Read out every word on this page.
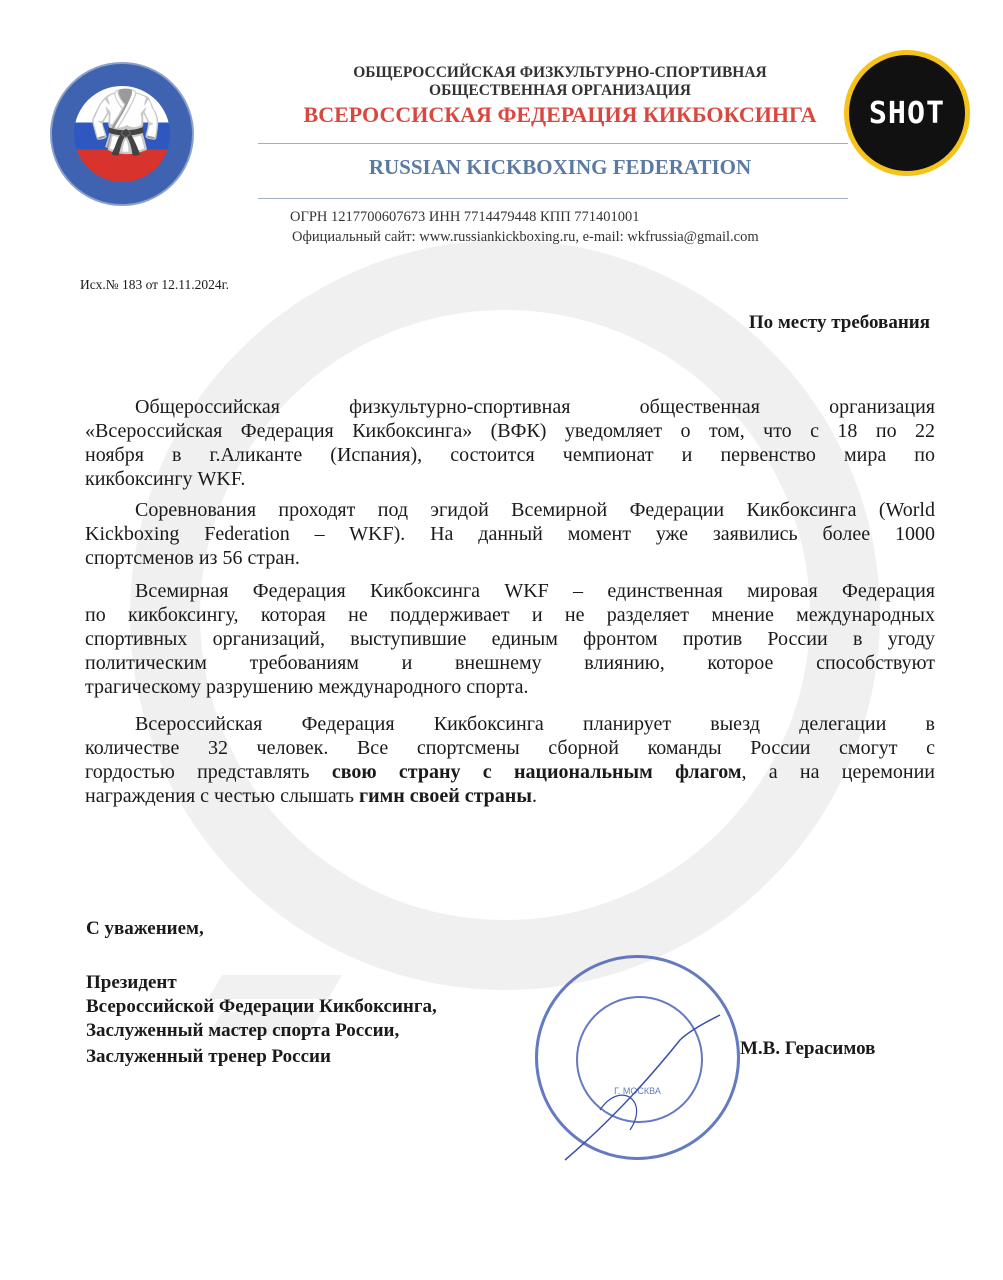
🥋
ОБЩЕРОССИЙСКАЯ ФИЗКУЛЬТУРНО-СПОРТИВНАЯ
ОБЩЕСТВЕННАЯ ОРГАНИЗАЦИЯ
ВСЕРОССИСКАЯ ФЕДЕРАЦИЯ КИКБОКСИНГА
RUSSIAN KICKBOXING FEDERATION
ОГРН 1217700607673 ИНН 7714479448 КПП 771401001
Официальный сайт: www.russiankickboxing.ru, e-mail: wkfrussia@gmail.com
SHOT
Исх.№ 183 от 12.11.2024г.
По месту требования
Общероссийская физкультурно-спортивная общественная организация
«Всероссийская Федерация Кикбоксинга» (ВФК) уведомляет о том, что с 18 по 22
ноября в г.Аликанте (Испания), состоится чемпионат и первенство мира по
кикбоксингу WKF.
Соревнования проходят под эгидой Всемирной Федерации Кикбоксинга (World
Kickboxing Federation – WKF). На данный момент уже заявились более 1000
спортсменов из 56 стран.
Всемирная Федерация Кикбоксинга WKF – единственная мировая Федерация
по кикбоксингу, которая не поддерживает и не разделяет мнение международных
спортивных организаций, выступившие единым фронтом против России в угоду
политическим требованиям и внешнему влиянию, которое способствуют
трагическому разрушению международного спорта.
Всероссийская Федерация Кикбоксинга планирует выезд делегации в
количестве 32 человек. Все спортсмены сборной команды России смогут с
гордостью представлять свою страну с национальным флагом, а на церемонии
награждения с честью слышать гимн своей страны.
С уважением,
Президент
Всероссийской Федерации Кикбоксинга,
Заслуженный мастер спорта России,
Заслуженный тренер России
Г. МОСКВА
М.В. Герасимов
